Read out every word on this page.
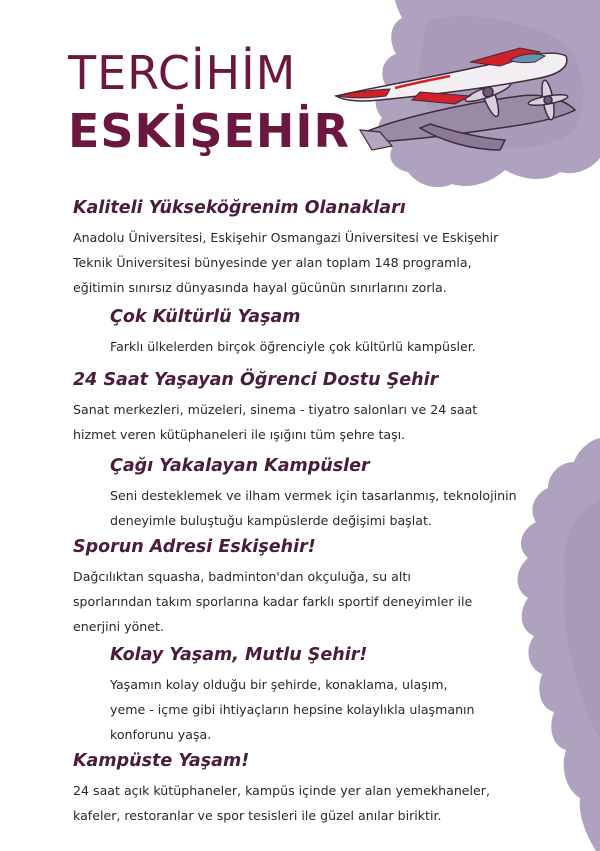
TERCİHİM
ESKİŞEHİR
Kaliteli Yükseköğrenim Olanakları

Anadolu Üniversitesi, Eskişehir Osmangazi Üniversitesi ve Eskişehir
Teknik Üniversitesi bünyesinde yer alan toplam 148 programla,
eğitimin sınırsız dünyasında hayal gücünün sınırlarını zorla.

Çok Kültürlü Yaşam

Farklı ülkelerden birçok öğrenciyle çok kültürlü kampüsler.

24 Saat Yaşayan Öğrenci Dostu Şehir

Sanat merkezleri, müzeleri, sinema - tiyatro salonları ve 24 saat
hizmet veren kütüphaneleri ile ışığını tüm şehre taşı.

Çağı Yakalayan Kampüsler

Seni desteklemek ve ilham vermek için tasarlanmış, teknolojinin
deneyimle buluştuğu kampüslerde değişimi başlat.

Sporun Adresi Eskişehir!

Dağcılıktan squasha, badminton'dan okçuluğa, su altı
sporlarından takım sporlarına kadar farklı sportif deneyimler ile
enerjini yönet.

Kolay Yaşam, Mutlu Şehir!

Yaşamın kolay olduğu bir şehirde, konaklama, ulaşım,
yeme - içme gibi ihtiyaçların hepsine kolaylıkla ulaşmanın
konforunu yaşa.

Kampüste Yaşam!

24 saat açık kütüphaneler, kampüs içinde yer alan yemekhaneler,
kafeler, restoranlar ve spor tesisleri ile güzel anılar biriktir.
